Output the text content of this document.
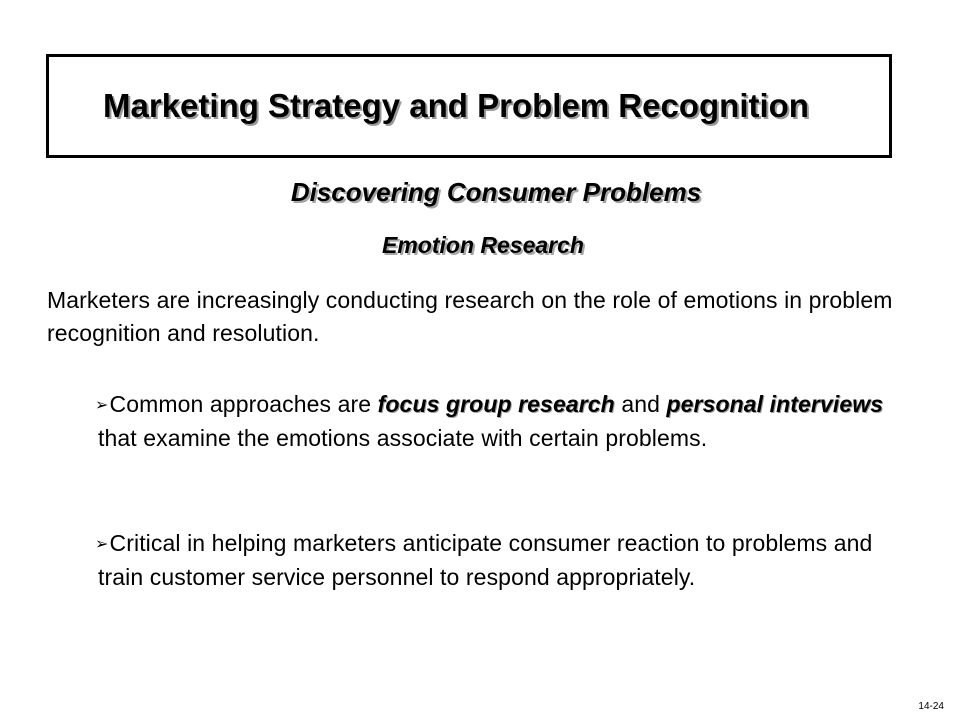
Marketing Strategy and Problem Recognition
Discovering Consumer Problems
Emotion Research
Marketers are increasingly conducting research on the role of emotions in problem recognition and resolution.
➢Common approaches are focus group research and personal interviews that examine the emotions associate with certain problems.
➢Critical in helping marketers anticipate consumer reaction to problems and train customer service personnel to respond appropriately.
14-24
